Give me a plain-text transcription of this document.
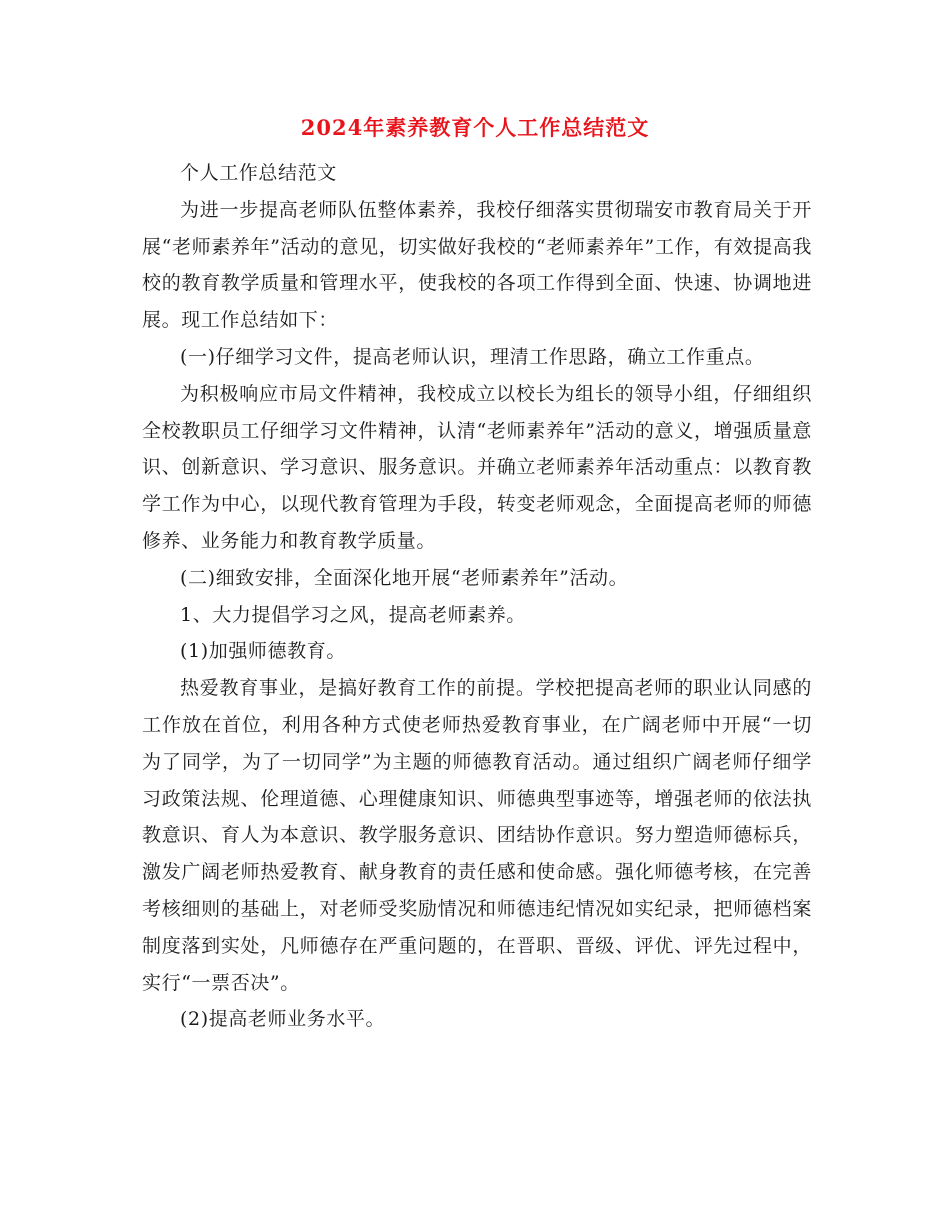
2024年素养教育个人工作总结范文

个人工作总结范文

为进一步提高老师队伍整体素养，我校仔细落实贯彻瑞安市教育局关于开展“老师素养年”活动的意见，切实做好我校的“老师素养年”工作，有效提高我校的教育教学质量和管理水平，使我校的各项工作得到全面、快速、协调地进展。现工作总结如下：

(一)仔细学习文件，提高老师认识，理清工作思路，确立工作重点。

为积极响应市局文件精神，我校成立以校长为组长的领导小组，仔细组织全校教职员工仔细学习文件精神，认清“老师素养年”活动的意义，增强质量意识、创新意识、学习意识、服务意识。并确立老师素养年活动重点：以教育教学工作为中心，以现代教育管理为手段，转变老师观念，全面提高老师的师德修养、业务能力和教育教学质量。

(二)细致安排，全面深化地开展“老师素养年”活动。

1、大力提倡学习之风，提高老师素养。

(1)加强师德教育。

热爱教育事业，是搞好教育工作的前提。学校把提高老师的职业认同感的工作放在首位，利用各种方式使老师热爱教育事业，在广阔老师中开展“一切为了同学，为了一切同学”为主题的师德教育活动。通过组织广阔老师仔细学习政策法规、伦理道德、心理健康知识、师德典型事迹等，增强老师的依法执教意识、育人为本意识、教学服务意识、团结协作意识。努力塑造师德标兵，激发广阔老师热爱教育、献身教育的责任感和使命感。强化师德考核，在完善考核细则的基础上，对老师受奖励情况和师德违纪情况如实纪录，把师德档案制度落到实处，凡师德存在严重问题的，在晋职、晋级、评优、评先过程中，实行“一票否决”。

(2)提高老师业务水平。
